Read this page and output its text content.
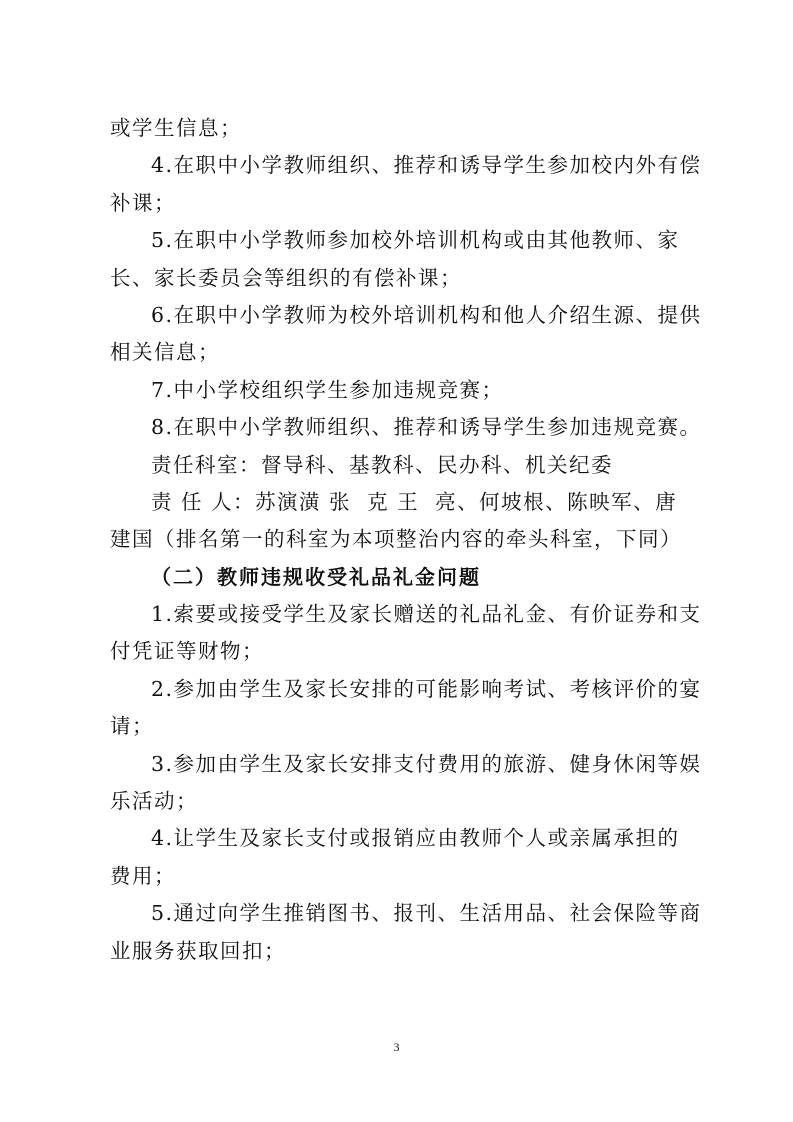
或学生信息；
4.在职中小学教师组织、推荐和诱导学生参加校内外有偿
补课；
5.在职中小学教师参加校外培训机构或由其他教师、家
长、家长委员会等组织的有偿补课；
6.在职中小学教师为校外培训机构和他人介绍生源、提供
相关信息；
7.中小学校组织学生参加违规竞赛；
8.在职中小学教师组织、推荐和诱导学生参加违规竞赛。
责任科室：督导科、基教科、民办科、机关纪委
责 任 人：苏演潢 张  克 王  亮、何坡根、陈映军、唐
建国（排名第一的科室为本项整治内容的牵头科室，下同）
（二）教师违规收受礼品礼金问题
1.索要或接受学生及家长赠送的礼品礼金、有价证券和支
付凭证等财物；
2.参加由学生及家长安排的可能影响考试、考核评价的宴
请；
3.参加由学生及家长安排支付费用的旅游、健身休闲等娱
乐活动；
4.让学生及家长支付或报销应由教师个人或亲属承担的
费用；
5.通过向学生推销图书、报刊、生活用品、社会保险等商
业服务获取回扣；
3
